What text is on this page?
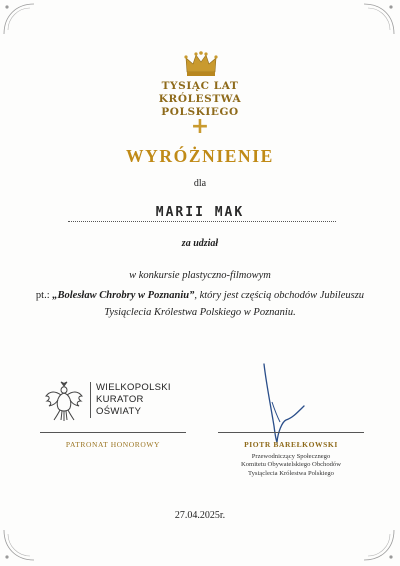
TYSIĄC LAT
KRÓLESTWA
POLSKIEGO
+
WYRÓŻNIENIE
dla
MARII MAK
za udział
w konkursie plastyczno-filmowym
pt.: „Bolesław Chrobry w Poznaniu”, który jest częścią obchodów Jubileuszu
Tysiąclecia Królestwa Polskiego w Poznaniu.
WIELKOPOLSKI
KURATOR
OŚWIATY
PATRONAT HONOROWY	PIOTR BAREŁKOWSKI
Przewodniczący Społecznego
Komitetu Obywatelskiego Obchodów
Tysiąclecia Królestwa Polskiego
27.04.2025r.
